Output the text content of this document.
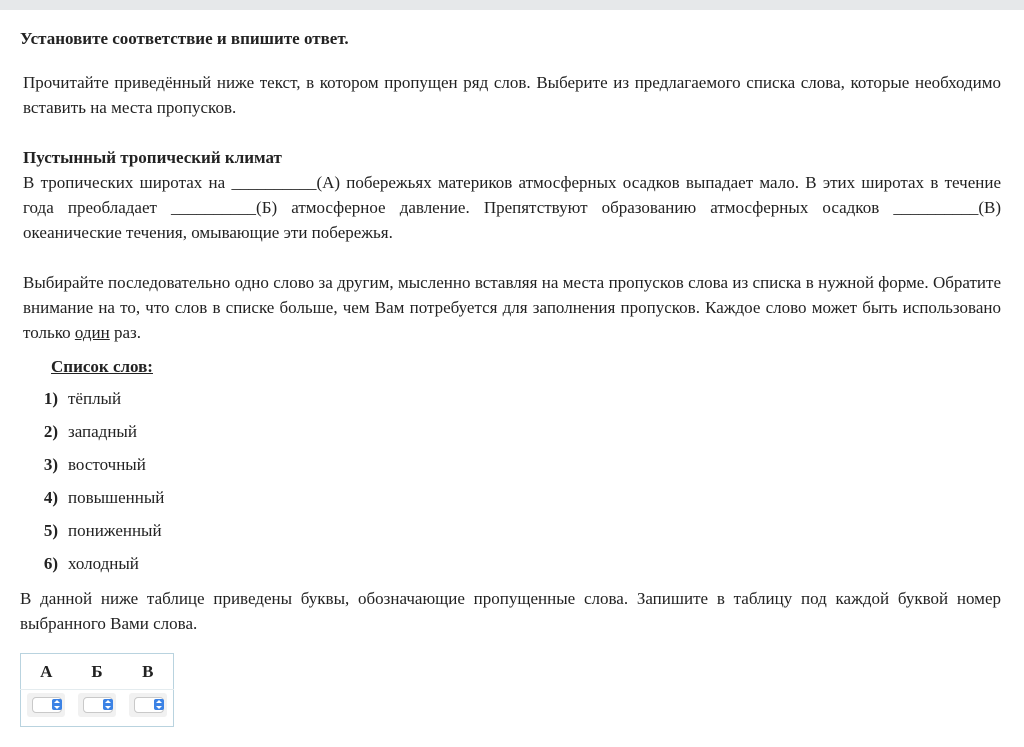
Установите соответствие и впишите ответ.

Прочитайте приведённый ниже текст, в котором пропущен ряд слов. Выберите из предлагаемого списка слова, которые необходимо вставить на места пропусков.

Пустынный тропический климат

В тропических широтах на __________(А) побережьях материков атмосферных осадков выпадает мало. В этих широтах в течение года преобладает __________(Б) атмосферное давление. Препятствуют образованию атмосферных осадков __________(В) океанические течения, омывающие эти побережья.

Выбирайте последовательно одно слово за другим, мысленно вставляя на места пропусков слова из списка в нужной форме. Обратите внимание на то, что слов в списке больше, чем Вам потребуется для заполнения пропусков. Каждое слово может быть использовано только один раз.

Список слов:
1) тёплый
2) западный
3) восточный
4) повышенный
5) пониженный
6) холодный

В данной ниже таблице приведены буквы, обозначающие пропущенные слова. Запишите в таблицу под каждой буквой номер выбранного Вами слова.

А	Б	В
